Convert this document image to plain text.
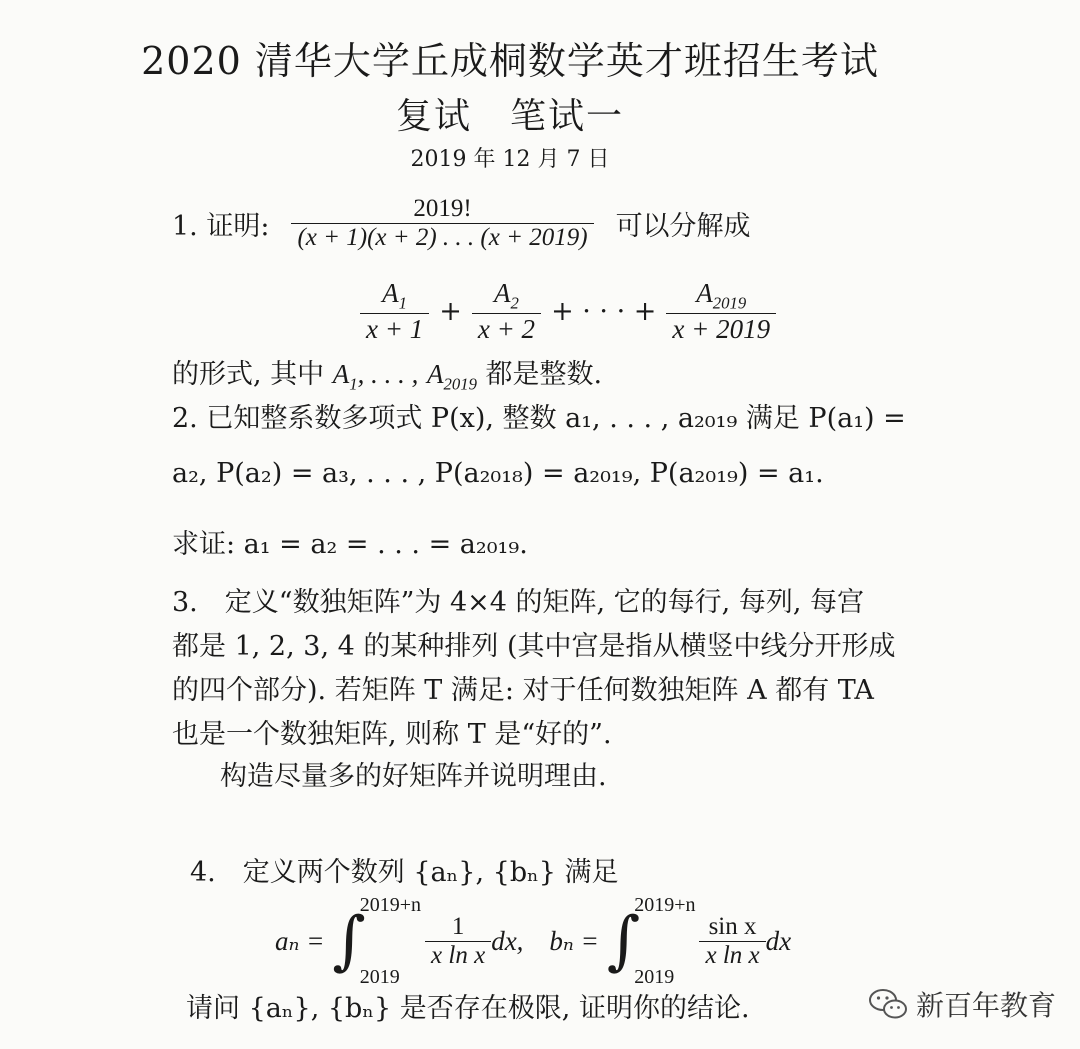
2020 清华大学丘成桐数学英才班招生考试
复试　笔试一
2019 年 12 月 7 日
1. 证明: $\frac{2019!}{(x + 1)(x + 2) . . . (x + 2019)}$ 可以分解成
$\frac{A_1}{x + 1} + \frac{A_2}{x + 2}$ + · · · + $\frac{A_{2019}}{x + 2019}$
的形式, 其中 $A_1$, . . . , $A_{2019}$ 都是整数.
2. 已知整系数多项式 P(x), 整数 a₁, . . . , a₂₀₁₉ 满足 P(a₁) =
a₂, P(a₂) = a₃, . . . , P(a₂₀₁₈) = a₂₀₁₉, P(a₂₀₁₉) = a₁.
求证: a₁ = a₂ = . . . = a₂₀₁₉.
3.　定义“数独矩阵”为 4×4 的矩阵, 它的每行, 每列, 每宫
都是 1, 2, 3, 4 的某种排列 (其中宫是指从横竖中线分开形成
的四个部分). 若矩阵 T 满足: 对于任何数独矩阵 A 都有 TA
也是一个数独矩阵, 则称 T 是“好的”.
构造尽量多的好矩阵并说明理由.
4.　定义两个数列 {aₙ}, {bₙ} 满足
aₙ = ∫
2019+n
2019
$\frac{1}{\text{x ln x}}$ dx, bₙ = ∫
2019+n
2019
$\frac{\text{sin x}}{\text{x ln x}}$ dx
请问 {aₙ}, {bₙ} 是否存在极限, 证明你的结论.	新百年教育
